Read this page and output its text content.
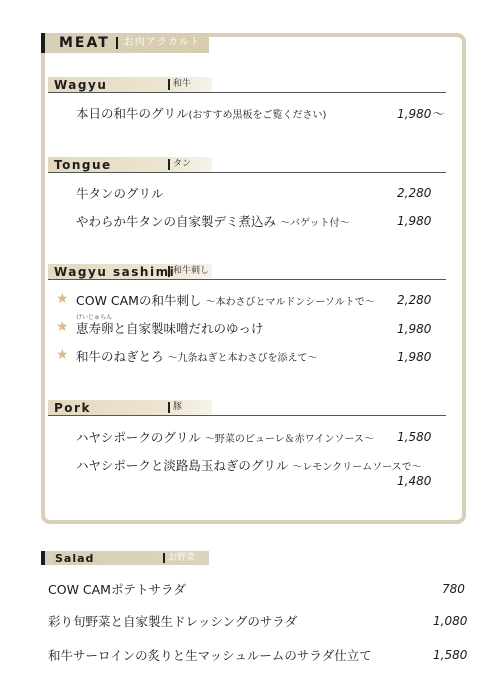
MEAT	お肉アラカルト
Wagyu	和牛
本日の和牛のグリル(おすすめ黒板をご覧ください)	1,980〜
Tongue	タン
牛タンのグリル	2,280
やわらか牛タンの自家製デミ煮込み 〜バゲット付〜	1,980
Wagyu sashimi
和牛刺し
★ COW CAMの和牛刺し 〜本わさびとマルドンシーソルトで〜 2,280
けいじゅらん
★ 恵寿卵と自家製味噌だれのゆっけ	1,980
★ 和牛のねぎとろ 〜九条ねぎと本わさびを添えて〜	1,980
Pork	豚
ハヤシポークのグリル 〜野菜のピューレ＆赤ワインソース〜 1,580
ハヤシポークと淡路島玉ねぎのグリル 〜レモンクリームソースで〜
1,480
Salad	お野菜
COW CAMポテトサラダ	780
彩り旬野菜と自家製生ドレッシングのサラダ	1,080
和牛サーロインの炙りと生マッシュルームのサラダ仕立て	1,580
